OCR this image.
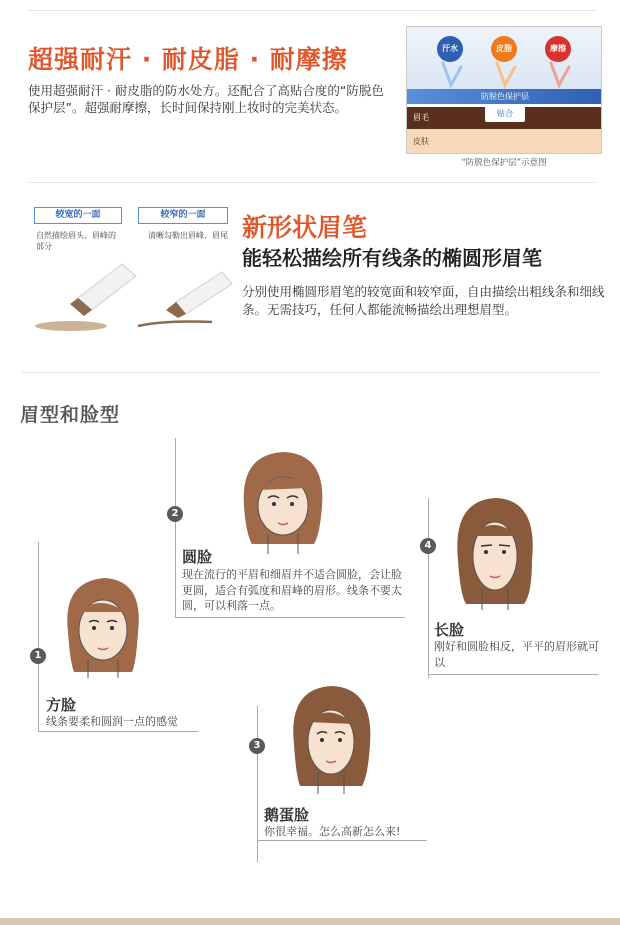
超强耐汗 · 耐皮脂 · 耐摩擦
使用超强耐汗 · 耐皮脂的防水处方。还配合了高贴合度的“防脱色保护层”。超强耐摩擦，长时间保持刚上妆时的完美状态。
汗水	皮脂	摩擦
防脱色保护层
眉毛
皮肤
贴合
“防脱色保护层”示意图
较宽的一面
自然描绘眉头、眉峰的部分
较窄的一面
清晰勾勒出眉峰、眉尾 新形状眉笔
能轻松描绘所有线条的椭圆形眉笔
分别使用椭圆形眉笔的较宽面和较窄面，自由描绘出粗线条和细线条。无需技巧，任何人都能流畅描绘出理想眉型。
眉型和脸型
1
方脸
线条要柔和圆润一点的感觉
2
圆脸
现在流行的平眉和细眉并不适合圆脸，会让脸更圆，适合有弧度和眉峰的眉形。线条不要太圆，可以利落一点。
3
鹅蛋脸
你很幸福。怎么高新怎么来!
4
长脸
刚好和圆脸相反，平平的眉形就可以
